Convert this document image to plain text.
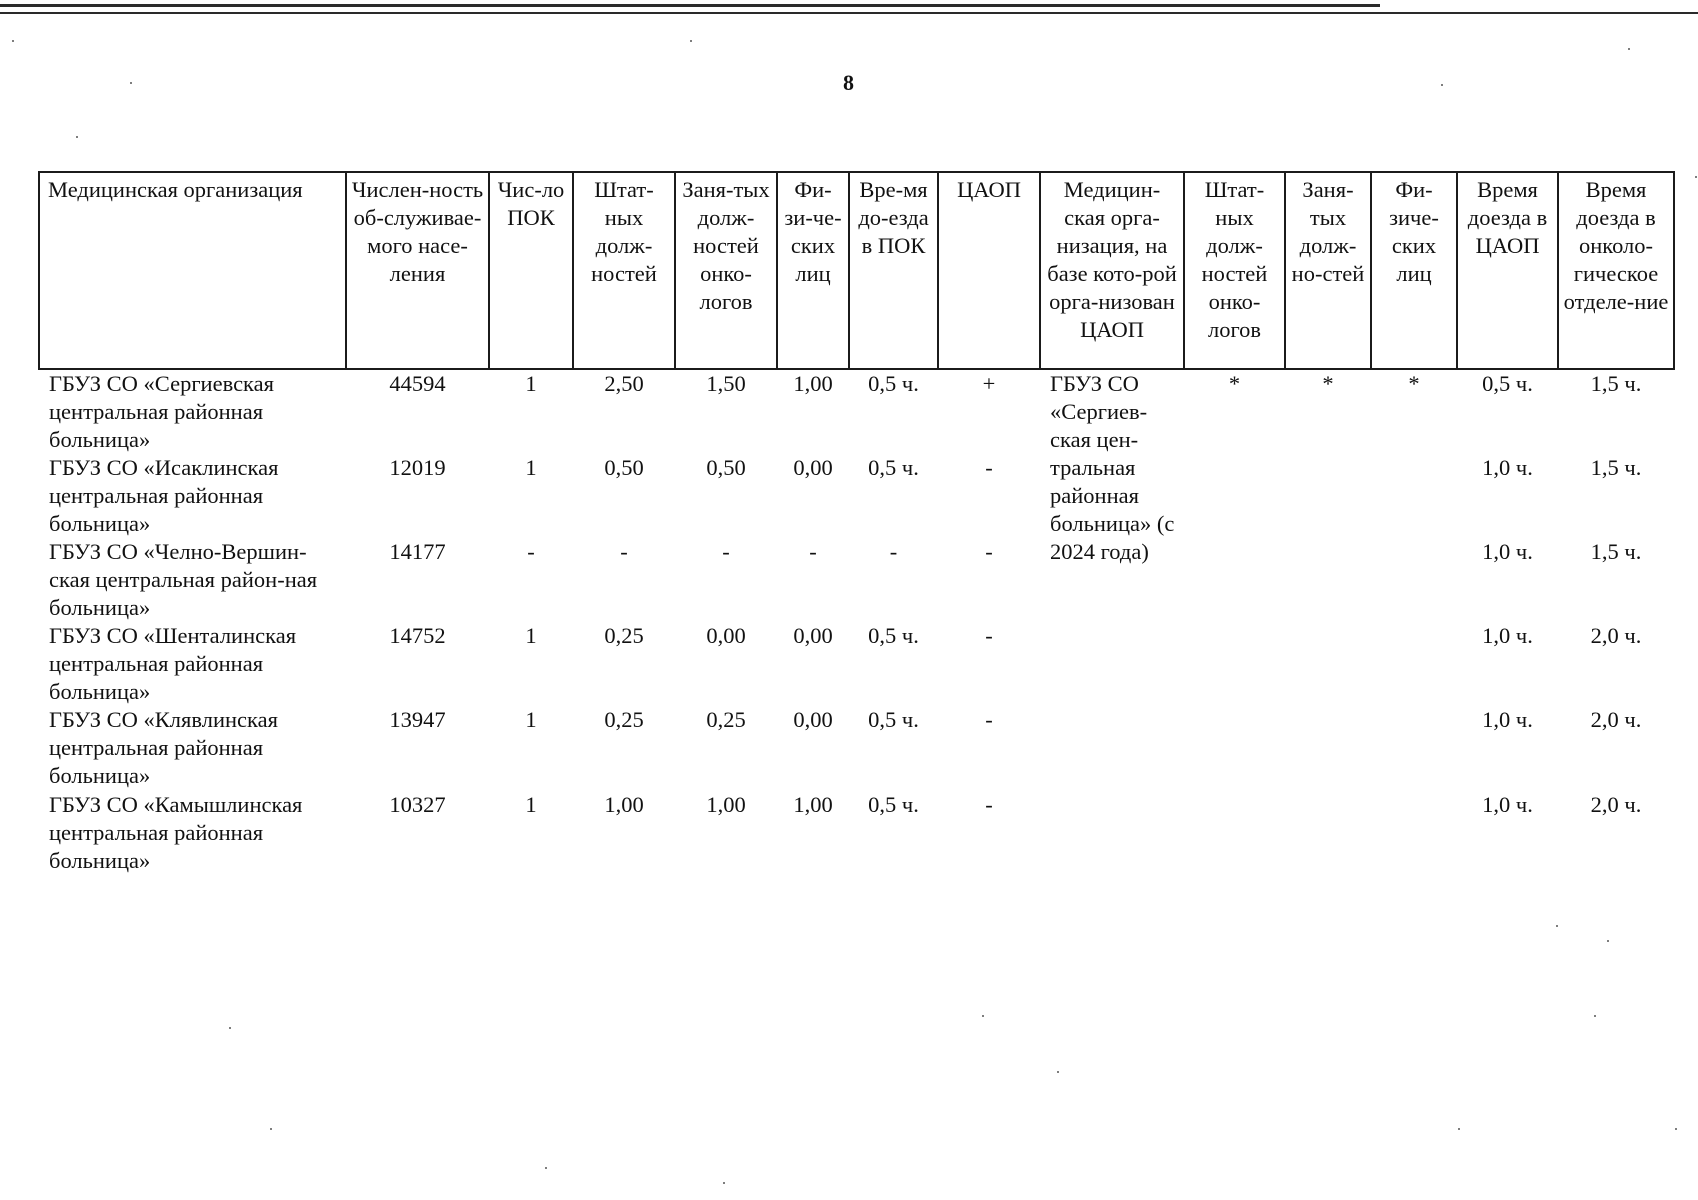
8
Медицинская организация	Числен-ность об-служивае-мого насе-ления	Чис-ло ПОК	Штат-ных долж-ностей	Заня-тых долж-ностей онко-логов	Фи-зи-че-ских лиц	Вре-мя до-езда в ПОК	ЦАОП	Медицин-ская орга-низация, на базе кото-рой орга-низован ЦАОП	Штат-ных долж-ностей онко-логов	Заня-тых долж-но-стей	Фи-зиче-ских лиц	Время доезда в ЦАОП	Время доезда в онколо-гическое отделе-ние
ГБУЗ СО «Сергиевская центральная районная больница»	44594	1	2,50	1,50	1,00	0,5 ч.	+	ГБУЗ СО «Сергиев-ская цен-тральная районная больница» (с 2024 года)	*	*	*	0,5 ч.	1,5 ч.
ГБУЗ СО «Исаклинская центральная районная больница»	12019	1	0,50	0,50	0,00	0,5 ч.	-					1,0 ч.	1,5 ч.
ГБУЗ СО «Челно-Вершин-ская центральная район-ная больница»	14177	-	-	-	-	-	-					1,0 ч.	1,5 ч.
ГБУЗ СО «Шенталинская центральная районная больница»	14752	1	0,25	0,00	0,00	0,5 ч.	-					1,0 ч.	2,0 ч.
ГБУЗ СО «Клявлинская центральная районная больница»	13947	1	0,25	0,25	0,00	0,5 ч.	-					1,0 ч.	2,0 ч.
ГБУЗ СО «Камышлинская центральная районная больница»	10327	1	1,00	1,00	1,00	0,5 ч.	-					1,0 ч.	2,0 ч.
